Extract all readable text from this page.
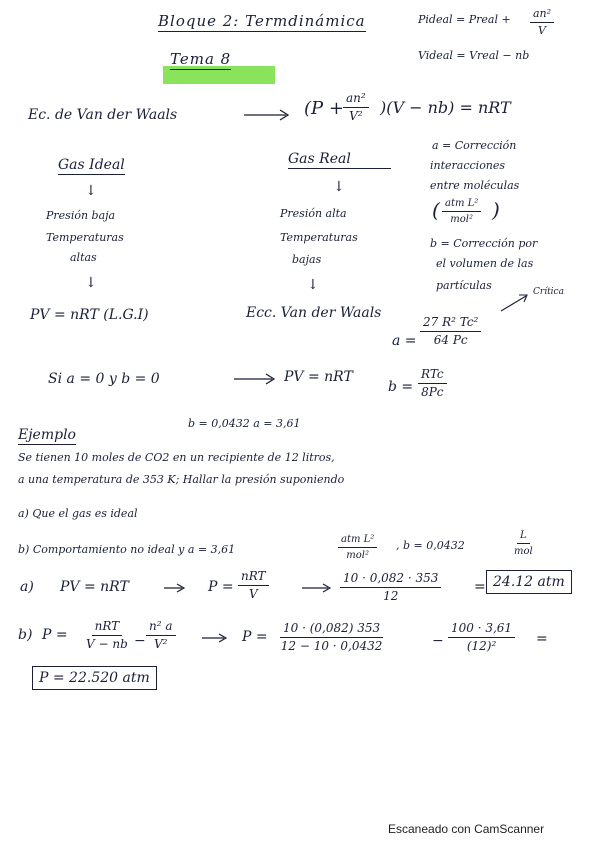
Bloque 2: Termdinámica	Pideal = Preal + $\frac{\text{an²}}{V}$
Videal = Vreal − nb
Tema 8
Ec. de Van der Waals	$(P + \frac{\text{an²}}{\text{V²}} )(V - nb)$ = nRT
Gas Ideal
↓
Presión baja
Temperaturas
altas
↓
PV = nRT (L.G.I)
Gas Real
↓
Presión alta
Temperaturas
bajas
↓
Ecc. Van der Waals
a = Corrección
interacciones
entre moléculas
( atm L²
mol² )
b = Corrección por
el volumen de las
partículas	Crítica
$a = \frac{\text{27 R² Tc²}}{64 Pc}$
b =
RTc
8Pc
Si a = 0 y b = 0	PV = nRT
Ejemplo
b = 0,0432 a = 3,61
Se tienen 10 moles de CO2 en un recipiente de 12 litros,
a una temperatura de 353 K; Hallar la presión suponiendo
a) Que el gas es ideal
b) Comportamiento no ideal y a = 3,61
atm L²
mol²
, b = 0,0432
L
mol
a) PV = nRT	P =
nRT
V	$\frac{10 \cdot 0,082 \cdot 353}{12} = 24.12$ atm
b) P =
nRT
V − nb − $\frac{\text{n² a}}{\text{V²}}$	$P = \frac{10 \cdot (0,082) 353}{12 - 10 \cdot 0,0432}$	− $\frac{100 \cdot 3,61}{\text{(12)²}}$ =
P = 22.520 atm
Escaneado con CamScanner
